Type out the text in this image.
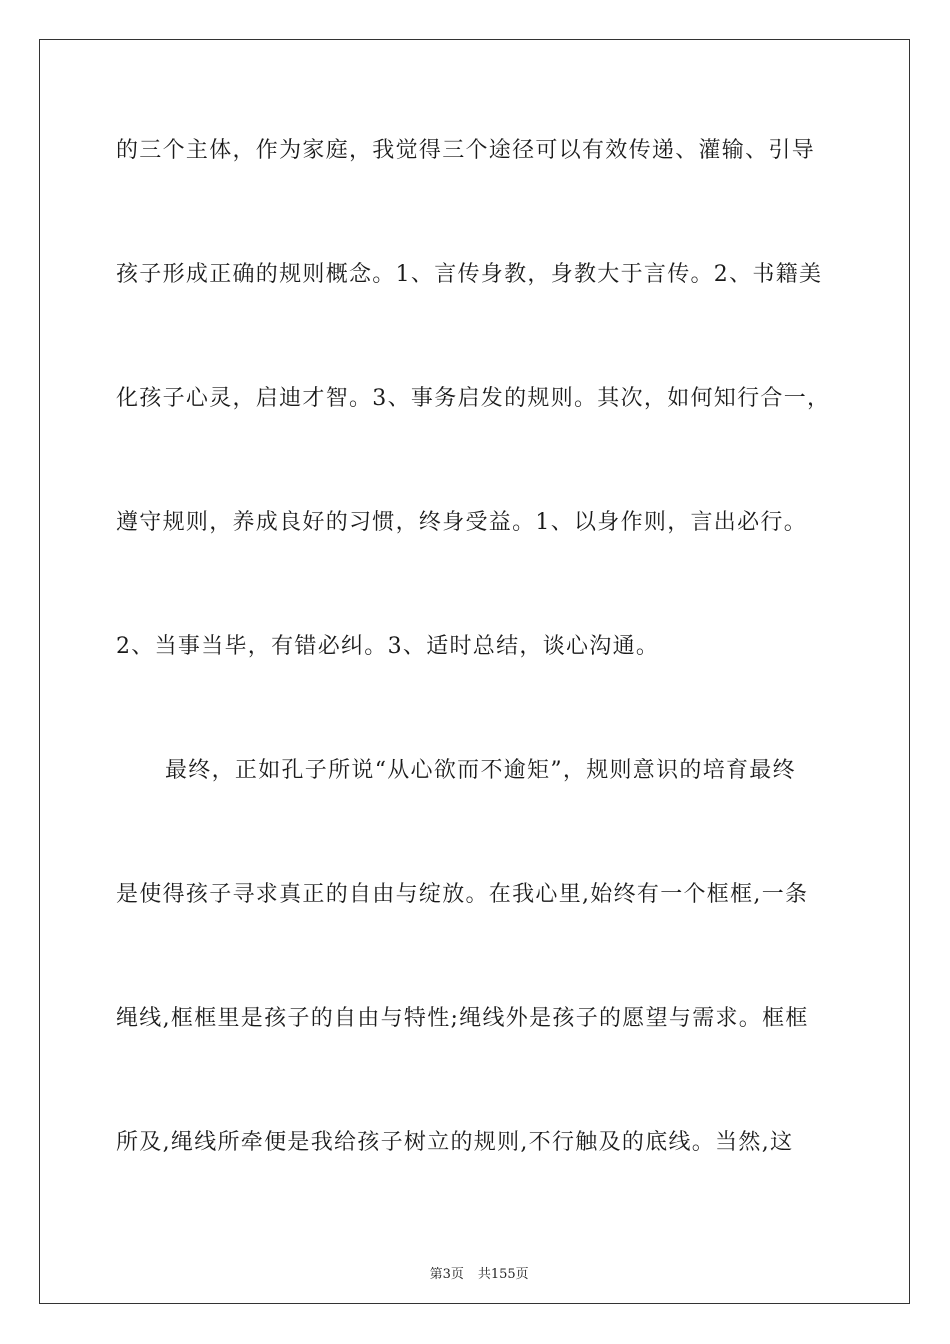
的三个主体，作为家庭，我觉得三个途径可以有效传递、灌输、引导
孩子形成正确的规则概念。1、言传身教，身教大于言传。2、书籍美
化孩子心灵，启迪才智。3、事务启发的规则。其次，如何知行合一，
遵守规则，养成良好的习惯，终身受益。1、以身作则，言出必行。
2、当事当毕，有错必纠。3、适时总结，谈心沟通。
最终，正如孔子所说“从心欲而不逾矩”，规则意识的培育最终
是使得孩子寻求真正的自由与绽放。在我心里,始终有一个框框,一条
绳线,框框里是孩子的自由与特性;绳线外是孩子的愿望与需求。框框
所及,绳线所牵便是我给孩子树立的规则,不行触及的底线。当然,这

第3页 共155页
